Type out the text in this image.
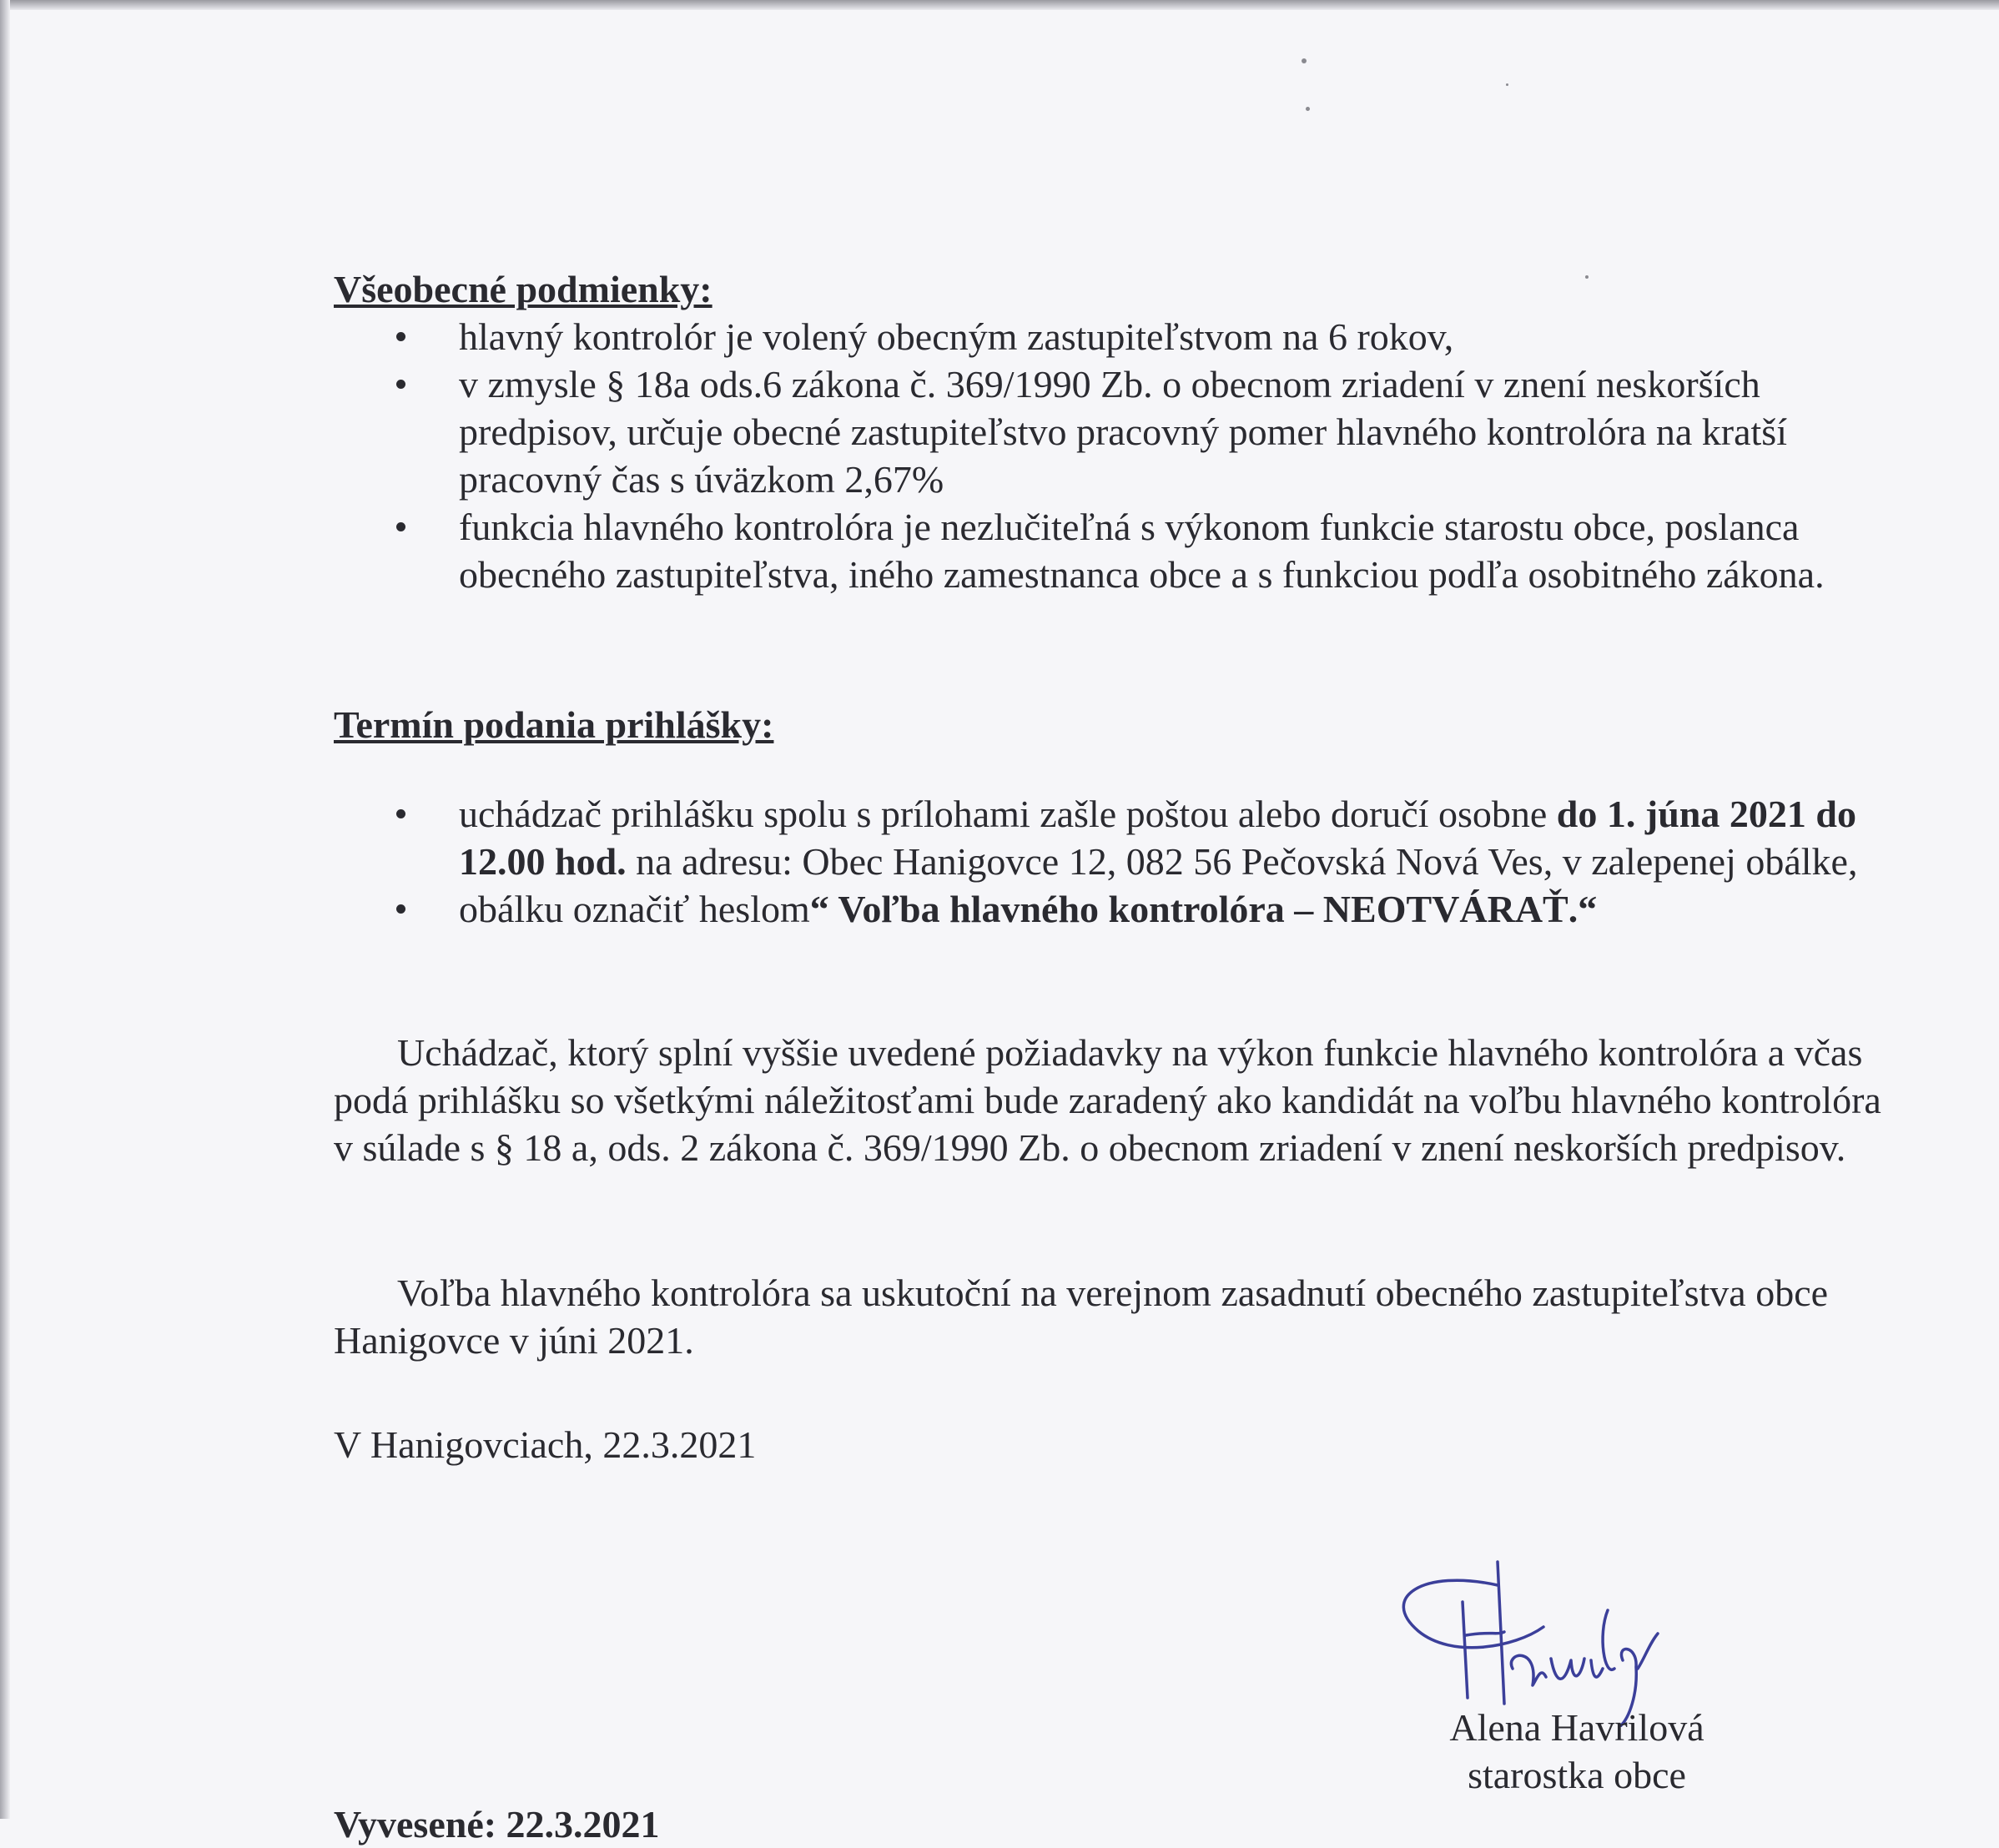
Všeobecné podmienky:
hlavný kontrolór je volený obecným zastupiteľstvom na 6 rokov,
v zmysle § 18a ods.6 zákona č. 369/1990 Zb. o obecnom zriadení v znení neskorších predpisov, určuje obecné zastupiteľstvo pracovný pomer hlavného kontrolóra na kratší pracovný čas s úväzkom 2,67%
funkcia hlavného kontrolóra je nezlučiteľná s výkonom funkcie starostu obce, poslanca obecného zastupiteľstva, iného zamestnanca obce a s funkciou podľa osobitného zákona.
Termín podania prihlášky:
uchádzač prihlášku spolu s prílohami zašle poštou alebo doručí osobne do 1. júna 2021 do 12.00 hod. na adresu: Obec Hanigovce 12, 082 56 Pečovská Nová Ves, v zalepenej obálke,
obálku označiť heslom“ Voľba hlavného kontrolóra – NEOTVÁRAŤ.“

Uchádzač, ktorý splní vyššie uvedené požiadavky na výkon funkcie hlavného kontrolóra a včas podá prihlášku so všetkými náležitosťami bude zaradený ako kandidát na voľbu hlavného kontrolóra v súlade s § 18 a, ods. 2 zákona č. 369/1990 Zb. o obecnom zriadení v znení neskorších predpisov.

Voľba hlavného kontrolóra sa uskutoční na verejnom zasadnutí obecného zastupiteľstva obce Hanigovce v júni 2021.

V Hanigovciach, 22.3.2021

Alena Havrilová
starostka obce

Vyvesené: 22.3.2021
